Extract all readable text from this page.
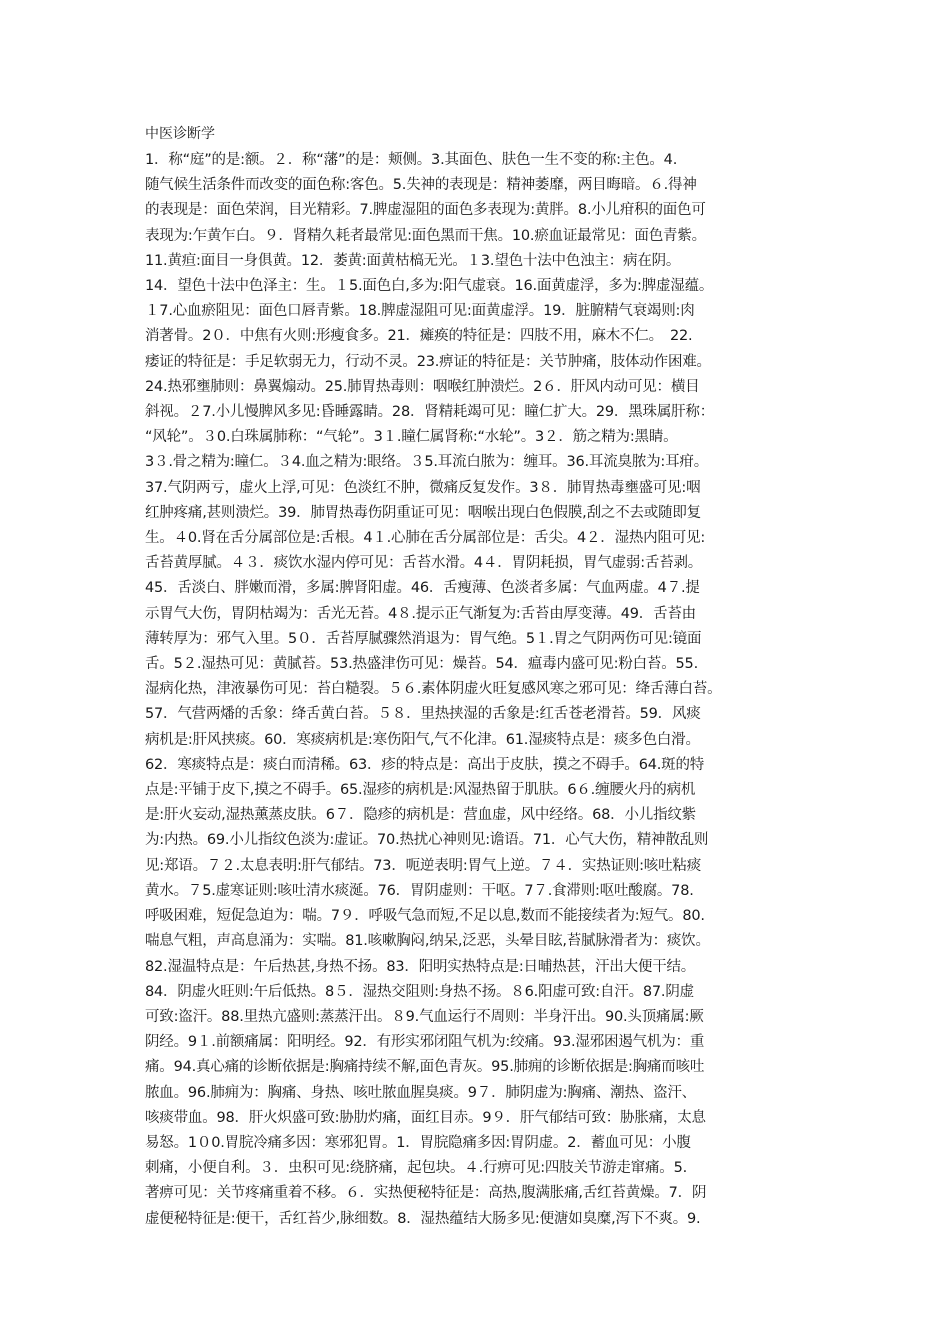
中医诊断学
1．称“庭”的是:额。２．称“藩”的是：颊侧。3.其面色、肤色一生不变的称:主色。4.
随气候生活条件而改变的面色称:客色。5.失神的表现是：精神萎靡，两目晦暗。６.得神
的表现是：面色荣润，目光精彩。7.脾虚湿阻的面色多表现为:黄胖。8.小儿疳积的面色可
表现为:乍黄乍白。９．肾精久耗者最常见:面色黑而干焦。10.瘀血证最常见：面色青紫。
11.黄疸:面目一身俱黄。12．萎黄:面黄枯槁无光。１3.望色十法中色浊主：病在阴。
14．望色十法中色泽主：生。１5.面色白,多为:阳气虚衰。16.面黄虚浮，多为:脾虚湿蕴。
１7.心血瘀阻见：面色口唇青紫。18.脾虚湿阻可见:面黄虚浮。19．脏腑精气衰竭则:肉
消著骨。2０．中焦有火则:形瘦食多。21．瘫痪的特征是：四肢不用，麻木不仁。　22.
痿证的特征是：手足软弱无力，行动不灵。23.痹证的特征是：关节肿痛，肢体动作困难。
24.热邪壅肺则：鼻翼煽动。25.肺胃热毒则：咽喉红肿溃烂。2６．肝风内动可见：横目
斜视。２7.小儿慢脾风多见:昏睡露睛。28．肾精耗竭可见：瞳仁扩大。29．黑珠属肝称：
“风轮”。３0.白珠属肺称：“气轮”。3１.瞳仁属肾称:“水轮”。3２．筋之精为:黑睛。
3３.骨之精为:瞳仁。３4.血之精为:眼络。３5.耳流白脓为：缠耳。36.耳流臭脓为:耳疳。
37.气阴两亏，虚火上浮,可见：色淡红不肿，微痛反复发作。3８．肺胃热毒壅盛可见:咽
红肿疼痛,甚则溃烂。39．肺胃热毒伤阴重证可见：咽喉出现白色假膜,刮之不去或随即复
生。４0.肾在舌分属部位是:舌根。4１.心肺在舌分属部位是：舌尖。4２．湿热内阻可见:
舌苔黄厚腻。４３．痰饮水湿内停可见：舌苔水滑。4４．胃阴耗损，胃气虚弱:舌苔剥。
45．舌淡白、胖嫩而滑，多属:脾肾阳虚。46．舌瘦薄、色淡者多属：气血两虚。4７.提
示胃气大伤，胃阴枯竭为：舌光无苔。4８.提示正气渐复为:舌苔由厚变薄。49．舌苔由
薄转厚为：邪气入里。5０．舌苔厚腻骤然消退为：胃气绝。5１.胃之气阴两伤可见:镜面
舌。5２.湿热可见：黄腻苔。53.热盛津伤可见：燥苔。54．瘟毒内盛可见:粉白苔。55.
湿病化热，津液暴伤可见：苔白糙裂。５６.素体阴虚火旺复感风寒之邪可见：绛舌薄白苔。
57．气营两燔的舌象：绛舌黄白苔。５８．里热挟湿的舌象是:红舌苍老滑苔。59．风痰
病机是:肝风挟痰。60．寒痰病机是:寒伤阳气,气不化津。61.湿痰特点是：痰多色白滑。
62．寒痰特点是：痰白而清稀。63．疹的特点是：高出于皮肤，摸之不碍手。64.斑的特
点是:平铺于皮下,摸之不碍手。65.湿疹的病机是:风湿热留于肌肤。6６.缠腰火丹的病机
是:肝火妄动,湿热薰蒸皮肤。6７．隐疹的病机是：营血虚，风中经络。68．小儿指纹紫
为:内热。69.小儿指纹色淡为:虚证。70.热扰心神则见:谵语。71．心气大伤，精神散乱则
见:郑语。７２.太息表明:肝气郁结。73．呃逆表明:胃气上逆。７４．实热证则:咳吐粘痰
黄水。７5.虚寒证则:咳吐清水痰涎。76．胃阴虚则：干呕。7７.食滞则:呕吐酸腐。78.
呼吸困难，短促急迫为：喘。7９．呼吸气急而短,不足以息,数而不能接续者为:短气。80.
喘息气粗，声高息涌为：实喘。81.咳嗽胸闷,纳呆,泛恶，头晕目眩,苔腻脉滑者为：痰饮。
82.湿温特点是：午后热甚,身热不扬。83．阳明实热特点是:日晡热甚，汗出大便干结。
84．阴虚火旺则:午后低热。8５．湿热交阻则:身热不扬。８6.阳虚可致:自汗。87.阴虚
可致:盗汗。88.里热亢盛则:蒸蒸汗出。８9.气血运行不周则：半身汗出。90.头顶痛属:厥
阴经。9１.前额痛属：阳明经。92．有形实邪闭阻气机为:绞痛。93.湿邪困遏气机为：重
痛。94.真心痛的诊断依据是:胸痛持续不解,面色青灰。95.肺痈的诊断依据是:胸痛而咳吐
脓血。96.肺痈为：胸痛、身热、咳吐脓血腥臭痰。9７．肺阴虚为:胸痛、潮热、盗汗、
咳痰带血。98．肝火炽盛可致:胁肋灼痛，面红目赤。9９．肝气郁结可致：胁胀痛，太息
易怒。1０0.胃脘冷痛多因：寒邪犯胃。1．胃脘隐痛多因:胃阴虚。2．蓄血可见：小腹
刺痛，小便自利。３．虫积可见:绕脐痛，起包块。４.行痹可见:四肢关节游走窜痛。5.
著痹可见：关节疼痛重着不移。６．实热便秘特征是：高热,腹满胀痛,舌红苔黄燥。7．阴
虚便秘特征是:便干，舌红苔少,脉细数。8．湿热蕴结大肠多见:便溏如臭糜,泻下不爽。9.
